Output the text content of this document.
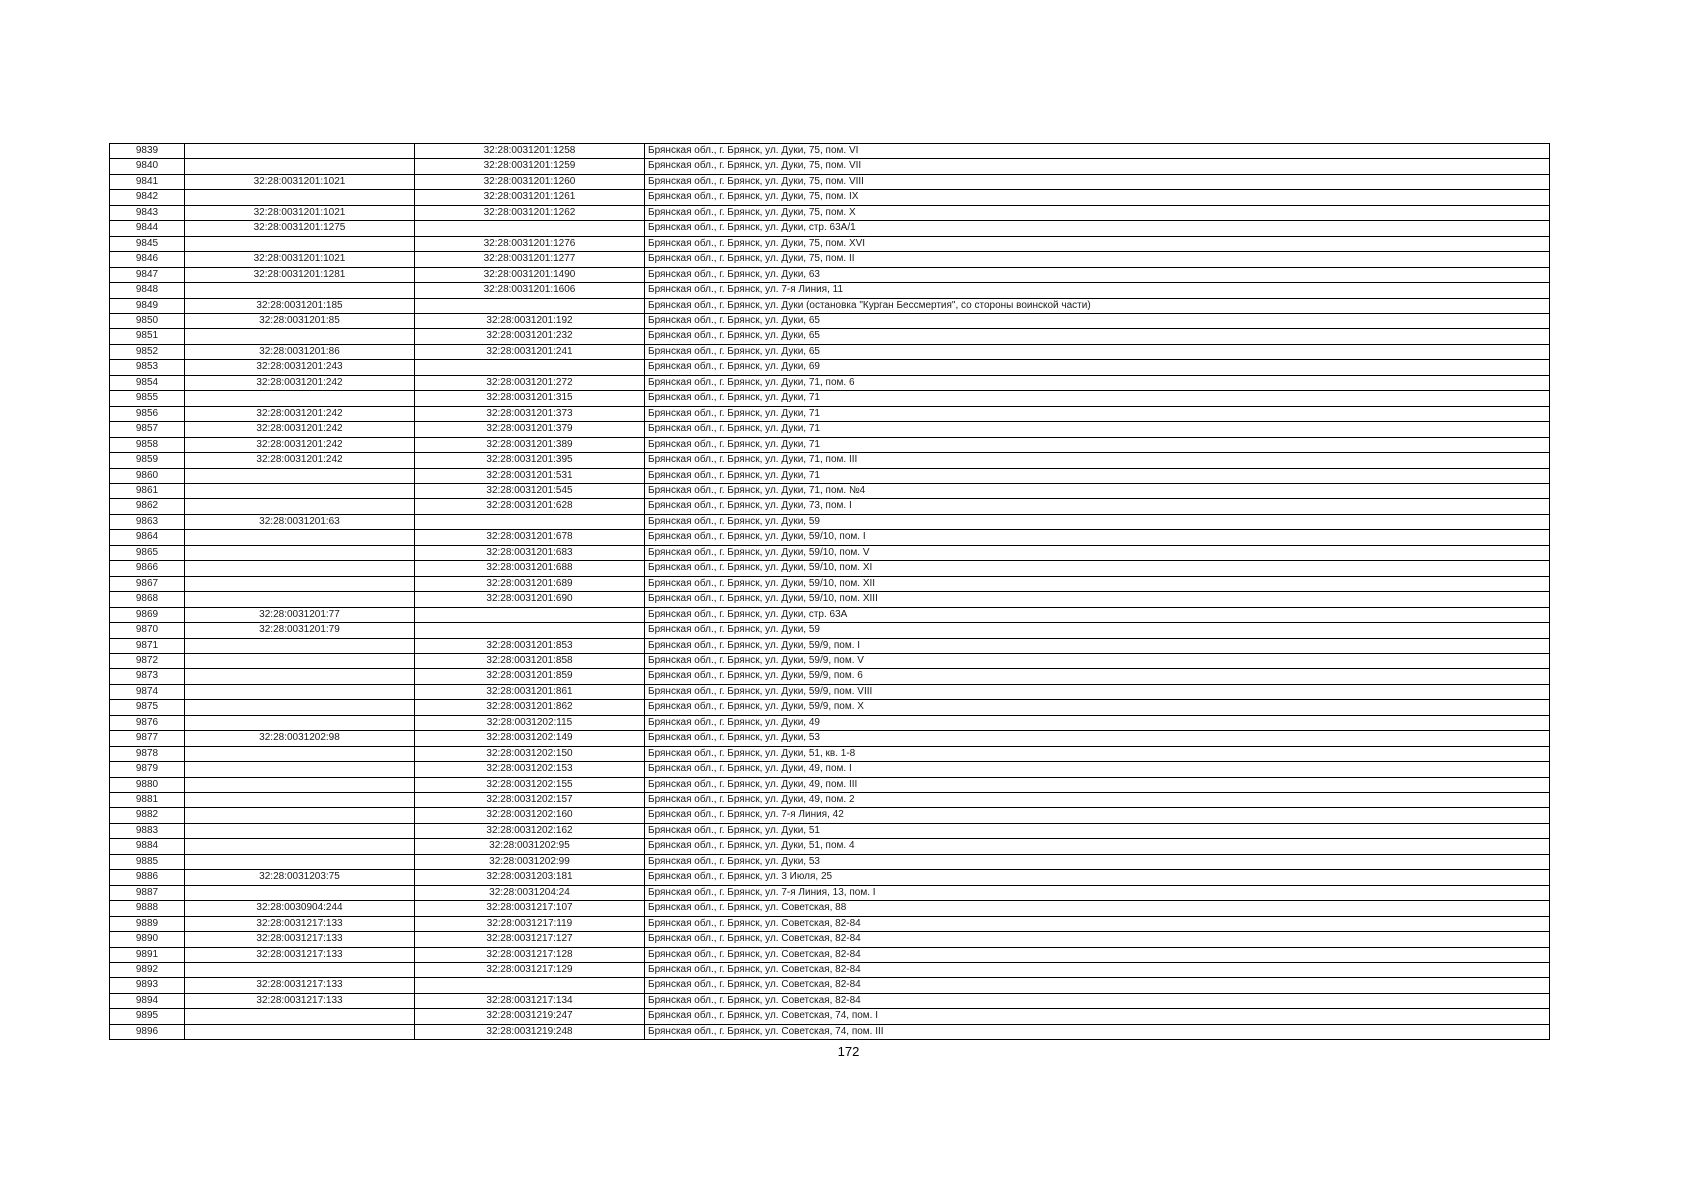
9839		32:28:0031201:1258	Брянская обл., г. Брянск, ул. Дуки, 75, пом. VI
9840		32:28:0031201:1259	Брянская обл., г. Брянск, ул. Дуки, 75, пом. VII
9841	32:28:0031201:1021	32:28:0031201:1260	Брянская обл., г. Брянск, ул. Дуки, 75, пом. VIII
9842		32:28:0031201:1261	Брянская обл., г. Брянск, ул. Дуки, 75, пом. IX
9843	32:28:0031201:1021	32:28:0031201:1262	Брянская обл., г. Брянск, ул. Дуки, 75, пом. X
9844	32:28:0031201:1275		Брянская обл., г. Брянск, ул. Дуки, стр. 63А/1
9845		32:28:0031201:1276	Брянская обл., г. Брянск, ул. Дуки, 75, пом. XVI
9846	32:28:0031201:1021	32:28:0031201:1277	Брянская обл., г. Брянск, ул. Дуки, 75, пом. II
9847	32:28:0031201:1281	32:28:0031201:1490	Брянская обл., г. Брянск, ул. Дуки, 63
9848		32:28:0031201:1606	Брянская обл., г. Брянск, ул. 7-я Линия, 11
9849	32:28:0031201:185		Брянская обл., г. Брянск, ул. Дуки (остановка "Курган Бессмертия", со стороны воинской части)
9850	32:28:0031201:85	32:28:0031201:192	Брянская обл., г. Брянск, ул. Дуки, 65
9851		32:28:0031201:232	Брянская обл., г. Брянск, ул. Дуки, 65
9852	32:28:0031201:86	32:28:0031201:241	Брянская обл., г. Брянск, ул. Дуки, 65
9853	32:28:0031201:243		Брянская обл., г. Брянск, ул. Дуки, 69
9854	32:28:0031201:242	32:28:0031201:272	Брянская обл., г. Брянск, ул. Дуки, 71, пом. 6
9855		32:28:0031201:315	Брянская обл., г. Брянск, ул. Дуки, 71
9856	32:28:0031201:242	32:28:0031201:373	Брянская обл., г. Брянск, ул. Дуки, 71
9857	32:28:0031201:242	32:28:0031201:379	Брянская обл., г. Брянск, ул. Дуки, 71
9858	32:28:0031201:242	32:28:0031201:389	Брянская обл., г. Брянск, ул. Дуки, 71
9859	32:28:0031201:242	32:28:0031201:395	Брянская обл., г. Брянск, ул. Дуки, 71, пом. III
9860		32:28:0031201:531	Брянская обл., г. Брянск, ул. Дуки, 71
9861		32:28:0031201:545	Брянская обл., г. Брянск, ул. Дуки, 71, пом. №4
9862		32:28:0031201:628	Брянская обл., г. Брянск, ул. Дуки, 73, пом. I
9863	32:28:0031201:63		Брянская обл., г. Брянск, ул. Дуки, 59
9864		32:28:0031201:678	Брянская обл., г. Брянск, ул. Дуки, 59/10, пом. I
9865		32:28:0031201:683	Брянская обл., г. Брянск, ул. Дуки, 59/10, пом. V
9866		32:28:0031201:688	Брянская обл., г. Брянск, ул. Дуки, 59/10, пом. XI
9867		32:28:0031201:689	Брянская обл., г. Брянск, ул. Дуки, 59/10, пом. XII
9868		32:28:0031201:690	Брянская обл., г. Брянск, ул. Дуки, 59/10, пом. XIII
9869	32:28:0031201:77		Брянская обл., г. Брянск, ул. Дуки, стр. 63А
9870	32:28:0031201:79		Брянская обл., г. Брянск, ул. Дуки, 59
9871		32:28:0031201:853	Брянская обл., г. Брянск, ул. Дуки, 59/9, пом. I
9872		32:28:0031201:858	Брянская обл., г. Брянск, ул. Дуки, 59/9, пом. V
9873		32:28:0031201:859	Брянская обл., г. Брянск, ул. Дуки, 59/9, пом. 6
9874		32:28:0031201:861	Брянская обл., г. Брянск, ул. Дуки, 59/9, пом. VIII
9875		32:28:0031201:862	Брянская обл., г. Брянск, ул. Дуки, 59/9, пом. X
9876		32:28:0031202:115	Брянская обл., г. Брянск, ул. Дуки, 49
9877	32:28:0031202:98	32:28:0031202:149	Брянская обл., г. Брянск, ул. Дуки, 53
9878		32:28:0031202:150	Брянская обл., г. Брянск, ул. Дуки, 51, кв. 1-8
9879		32:28:0031202:153	Брянская обл., г. Брянск, ул. Дуки, 49, пом. I
9880		32:28:0031202:155	Брянская обл., г. Брянск, ул. Дуки, 49, пом. III
9881		32:28:0031202:157	Брянская обл., г. Брянск, ул. Дуки, 49, пом. 2
9882		32:28:0031202:160	Брянская обл., г. Брянск, ул. 7-я Линия, 42
9883		32:28:0031202:162	Брянская обл., г. Брянск, ул. Дуки, 51
9884		32:28:0031202:95	Брянская обл., г. Брянск, ул. Дуки, 51, пом. 4
9885		32:28:0031202:99	Брянская обл., г. Брянск, ул. Дуки, 53
9886	32:28:0031203:75	32:28:0031203:181	Брянская обл., г. Брянск, ул. 3 Июля, 25
9887		32:28:0031204:24	Брянская обл., г. Брянск, ул. 7-я Линия, 13, пом. I
9888	32:28:0030904:244	32:28:0031217:107	Брянская обл., г. Брянск, ул. Советская, 88
9889	32:28:0031217:133	32:28:0031217:119	Брянская обл., г. Брянск, ул. Советская, 82-84
9890	32:28:0031217:133	32:28:0031217:127	Брянская обл., г. Брянск, ул. Советская, 82-84
9891	32:28:0031217:133	32:28:0031217:128	Брянская обл., г. Брянск, ул. Советская, 82-84
9892		32:28:0031217:129	Брянская обл., г. Брянск, ул. Советская, 82-84
9893	32:28:0031217:133		Брянская обл., г. Брянск, ул. Советская, 82-84
9894	32:28:0031217:133	32:28:0031217:134	Брянская обл., г. Брянск, ул. Советская, 82-84
9895		32:28:0031219:247	Брянская обл., г. Брянск, ул. Советская, 74, пом. I
9896		32:28:0031219:248	Брянская обл., г. Брянск, ул. Советская, 74, пом. III
172
